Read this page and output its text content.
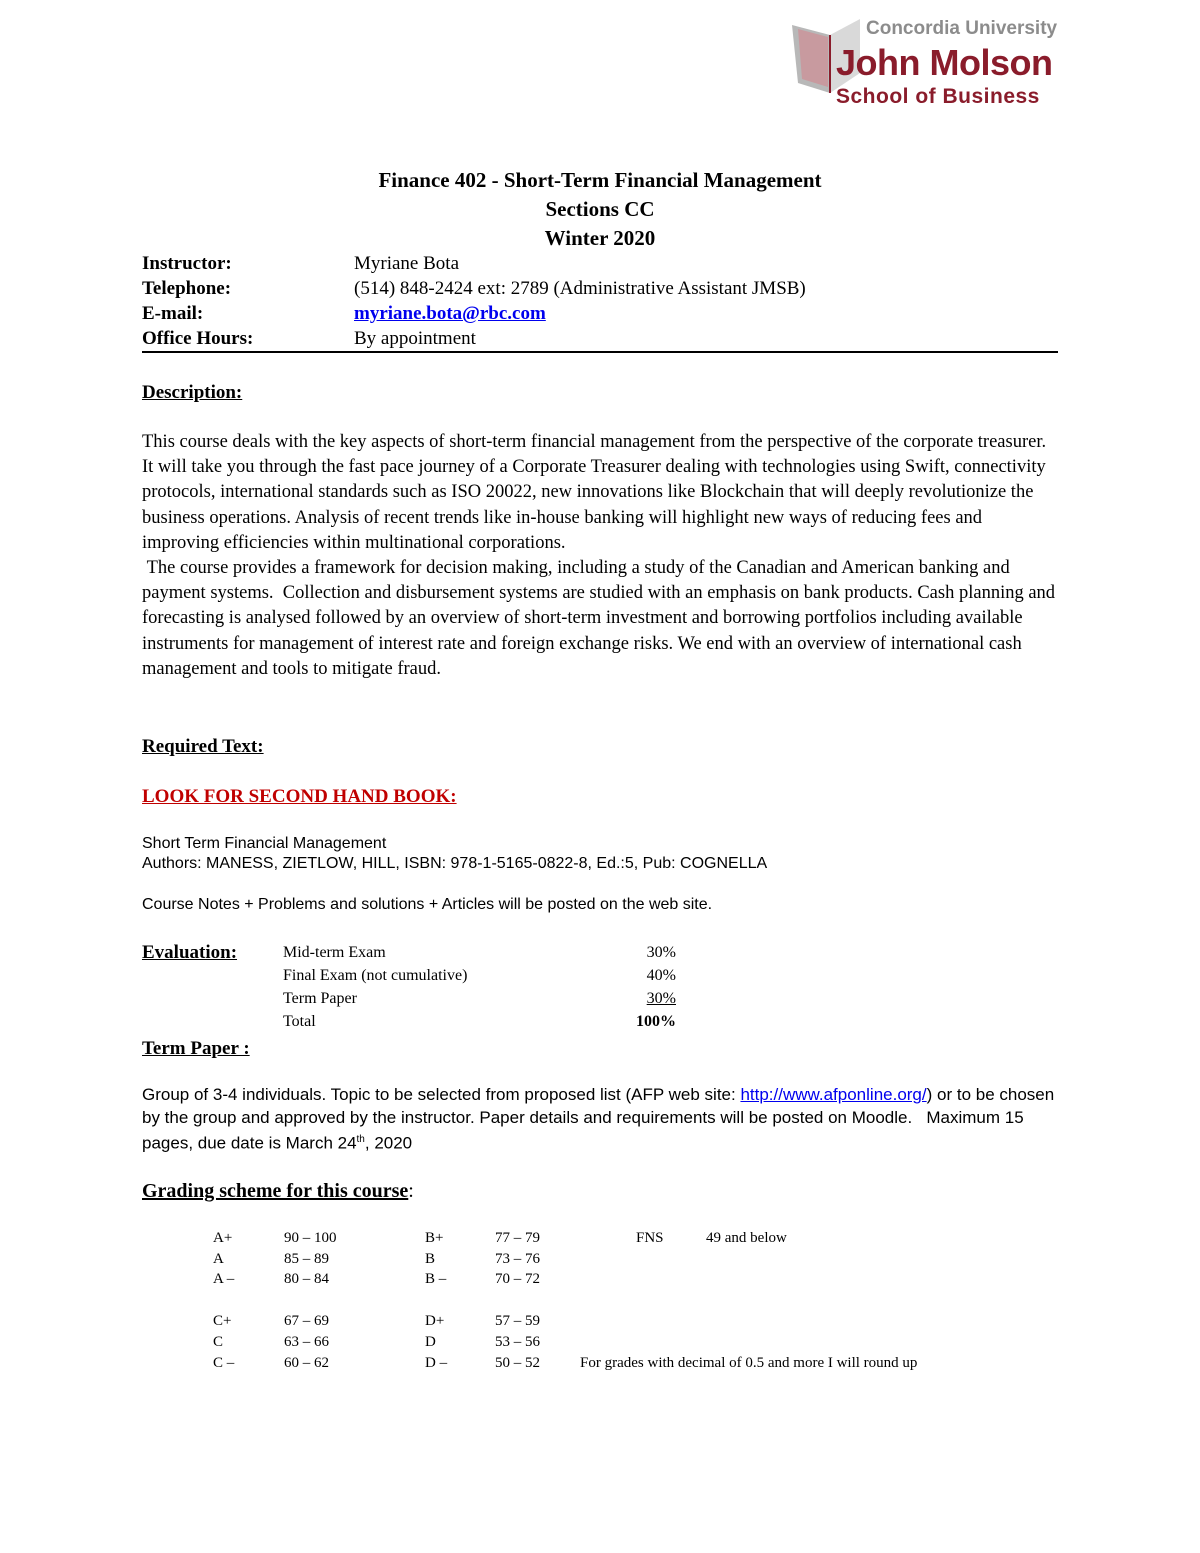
Concordia University
John Molson
School of Business
Finance 402 - Short-Term Financial Management
Sections CC
Winter 2020
Instructor:	Myriane Bota
Telephone:	(514) 848-2424 ext: 2789 (Administrative Assistant JMSB)
E-mail:	myriane.bota@rbc.com
Office Hours:	By appointment
Description:

This course deals with the key aspects of short-term financial management from the perspective of the corporate treasurer. It will take you through the fast pace journey of a Corporate Treasurer dealing with technologies using Swift, connectivity protocols, international standards such as ISO 20022, new innovations like Blockchain that will deeply revolutionize the business operations. Analysis of recent trends like in-house banking will highlight new ways of reducing fees and improving efficiencies within multinational corporations.

The course provides a framework for decision making, including a study of the Canadian and American banking and payment systems.  Collection and disbursement systems are studied with an emphasis on bank products. Cash planning and forecasting is analysed followed by an overview of short-term investment and borrowing portfolios including available instruments for management of interest rate and foreign exchange risks. We end with an overview of international cash management and tools to mitigate fraud.

Required Text:
LOOK FOR SECOND HAND BOOK:
Short Term Financial Management
Authors: MANESS, ZIETLOW, HILL, ISBN: 978-1-5165-0822-8, Ed.:5, Pub: COGNELLA
Course Notes + Problems and solutions + Articles will be posted on the web site.
Evaluation:	Mid-term Exam	30%
Final Exam (not cumulative)	40%
Term Paper	30%
Total	100%
Term Paper :
Group of 3-4 individuals. Topic to be selected from proposed list (AFP web site: http://www.afponline.org/) or to be chosen by the group and approved by the instructor. Paper details and requirements will be posted on Moodle.   Maximum 15 pages, due date is March 24th, 2020
Grading scheme for this course:
A+	90 – 100	B+	77 – 79	FNS	49 and below
A	85 – 89	B	73 – 76
A –	80 – 84	B –	70 – 72
C+	67 – 69	D+	57 – 59
C	63 – 66	D	53 – 56
C –	60 – 62	D –	50 – 52	For grades with decimal of 0.5 and more I will round up
